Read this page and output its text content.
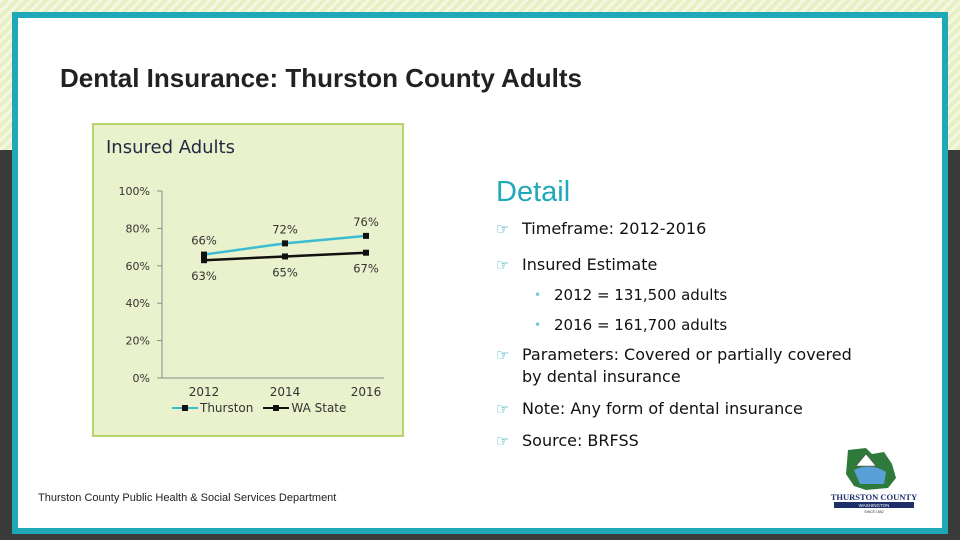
Dental Insurance: Thurston County Adults
0%
20%
40%
60%
80%
100%
2012	2014	2016
66%
72%
76%
63%	65%	67%
Insured Adults
Thurston	WA State
Detail
☞ Timeframe: 2012-2016
☞ Insured Estimate
• 2012 = 131,500 adults
• 2016 = 161,700 adults
☞ Parameters: Covered or partially covered by dental insurance
☞ Note: Any form of dental insurance
☞ Source: BRFSS
Thurston County Public Health & Social Services Department	THURSTON COUNTY
WASHINGTON
SINCE 1852
